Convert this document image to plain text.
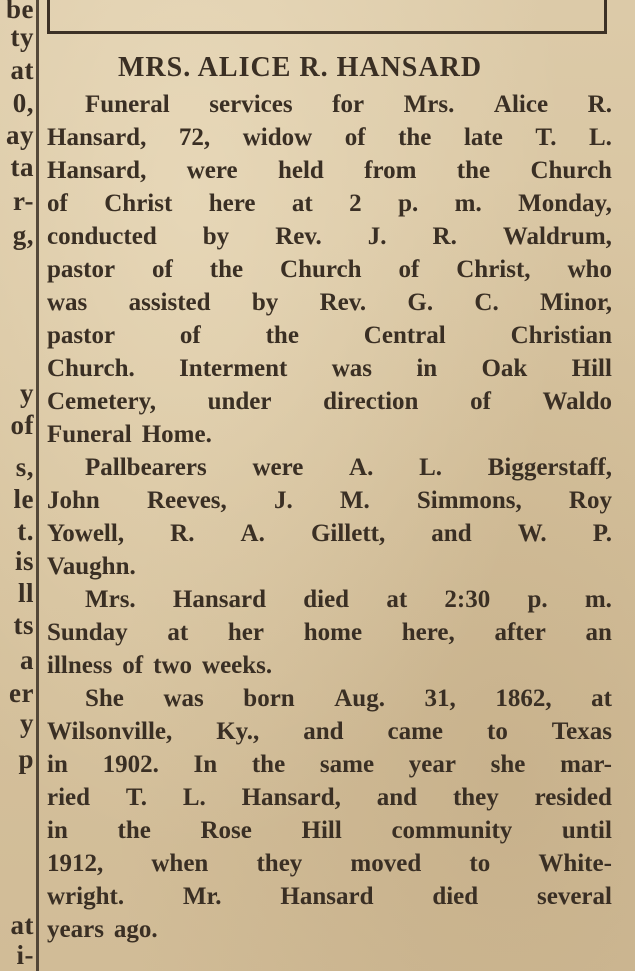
be
ty
at
0,
ay
ta
r-
g,
y
of
s,
le
t.
is
ll
ts
a
er
y
p
at
i-
MRS. ALICE R. HANSARD
Funeral services for Mrs. Alice R.
Hansard, 72, widow of the late T. L.
Hansard, were held from the Church
of Christ here at 2 p. m. Monday,
conducted by Rev. J. R. Waldrum,
pastor of the Church of Christ, who
was assisted by Rev. G. C. Minor,
pastor	of	the	Central	Christian
Church. Interment was in Oak Hill
Cemetery, under direction of Waldo
Funeral Home.
Pallbearers were A. L. Biggerstaff,
John Reeves, J. M. Simmons, Roy
Yowell, R. A. Gillett, and W. P.
Vaughn.
Mrs. Hansard died at 2:30 p. m.
Sunday at her home here, after an
illness of two weeks.
She was born Aug. 31, 1862, at
Wilsonville, Ky., and came to Texas
in 1902. In the same year she mar-
ried T. L. Hansard, and they resided
in the Rose Hill community until
1912, when they moved to White-
wright. Mr. Hansard died several
years ago.
